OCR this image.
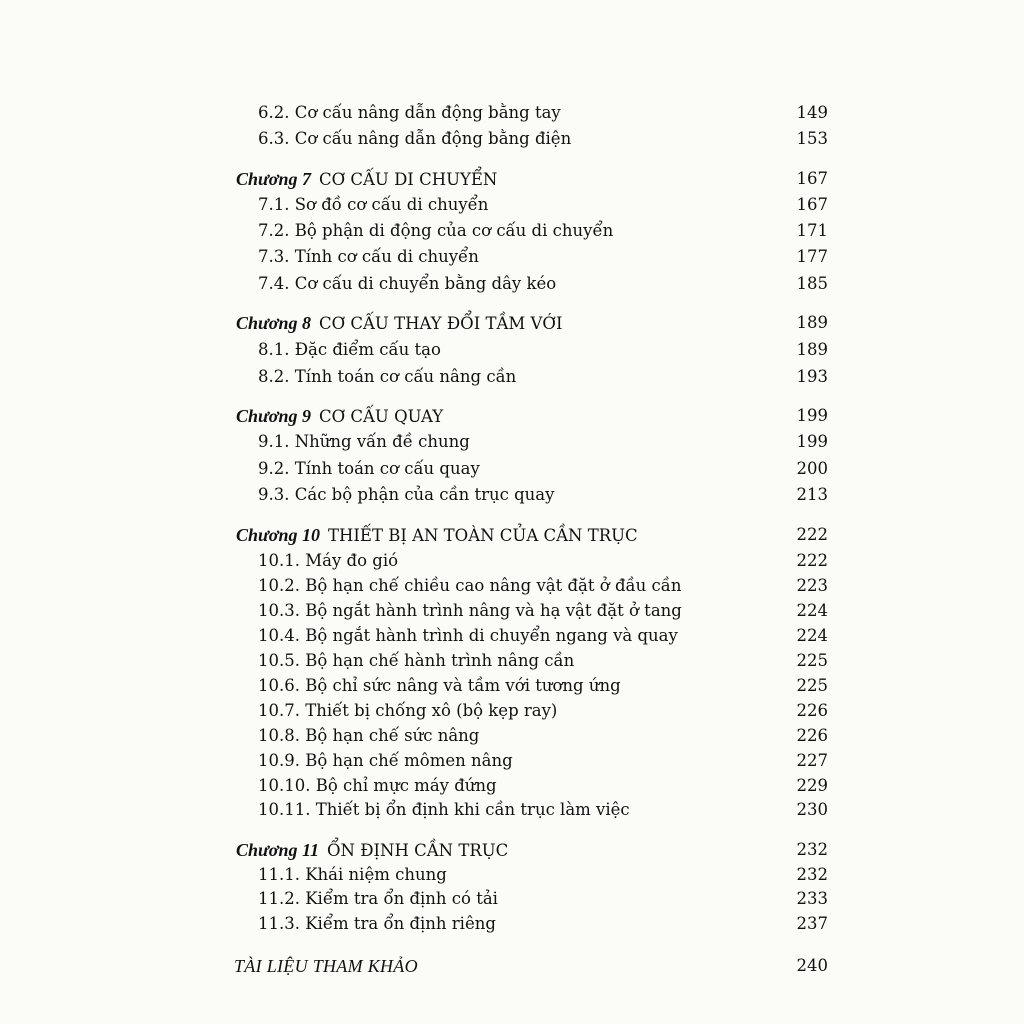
6.2. Cơ cấu nâng dẫn động bằng tay	149
6.3. Cơ cấu nâng dẫn động bằng điện	153
Chương 7 CƠ CẤU DI CHUYỂN	167
7.1. Sơ đồ cơ cấu di chuyển	167
7.2. Bộ phận di động của cơ cấu di chuyển	171
7.3. Tính cơ cấu di chuyển	177
7.4. Cơ cấu di chuyển bằng dây kéo	185
Chương 8 CƠ CẤU THAY ĐỔI TẦM VỚI	189
8.1. Đặc điểm cấu tạo	189
8.2. Tính toán cơ cấu nâng cần	193
Chương 9 CƠ CẤU QUAY	199
9.1. Những vấn đề chung	199
9.2. Tính toán cơ cấu quay	200
9.3. Các bộ phận của cần trục quay	213
Chương 10 THIẾT BỊ AN TOÀN CỦA CẦN TRỤC	222
10.1. Máy đo gió	222
10.2. Bộ hạn chế chiều cao nâng vật đặt ở đầu cần	223
10.3. Bộ ngắt hành trình nâng và hạ vật đặt ở tang	224
10.4. Bộ ngắt hành trình di chuyển ngang và quay	224
10.5. Bộ hạn chế hành trình nâng cần	225
10.6. Bộ chỉ sức nâng và tầm với tương ứng	225
10.7. Thiết bị chống xô (bộ kẹp ray)	226
10.8. Bộ hạn chế sức nâng	226
10.9. Bộ hạn chế mômen nâng	227
10.10. Bộ chỉ mực máy đứng	229
10.11. Thiết bị ổn định khi cần trục làm việc	230
Chương 11 ỔN ĐỊNH CẦN TRỤC	232
11.1. Khái niệm chung	232
11.2. Kiểm tra ổn định có tải	233
11.3. Kiểm tra ổn định riêng	237
TÀI LIỆU THAM KHẢO	240
